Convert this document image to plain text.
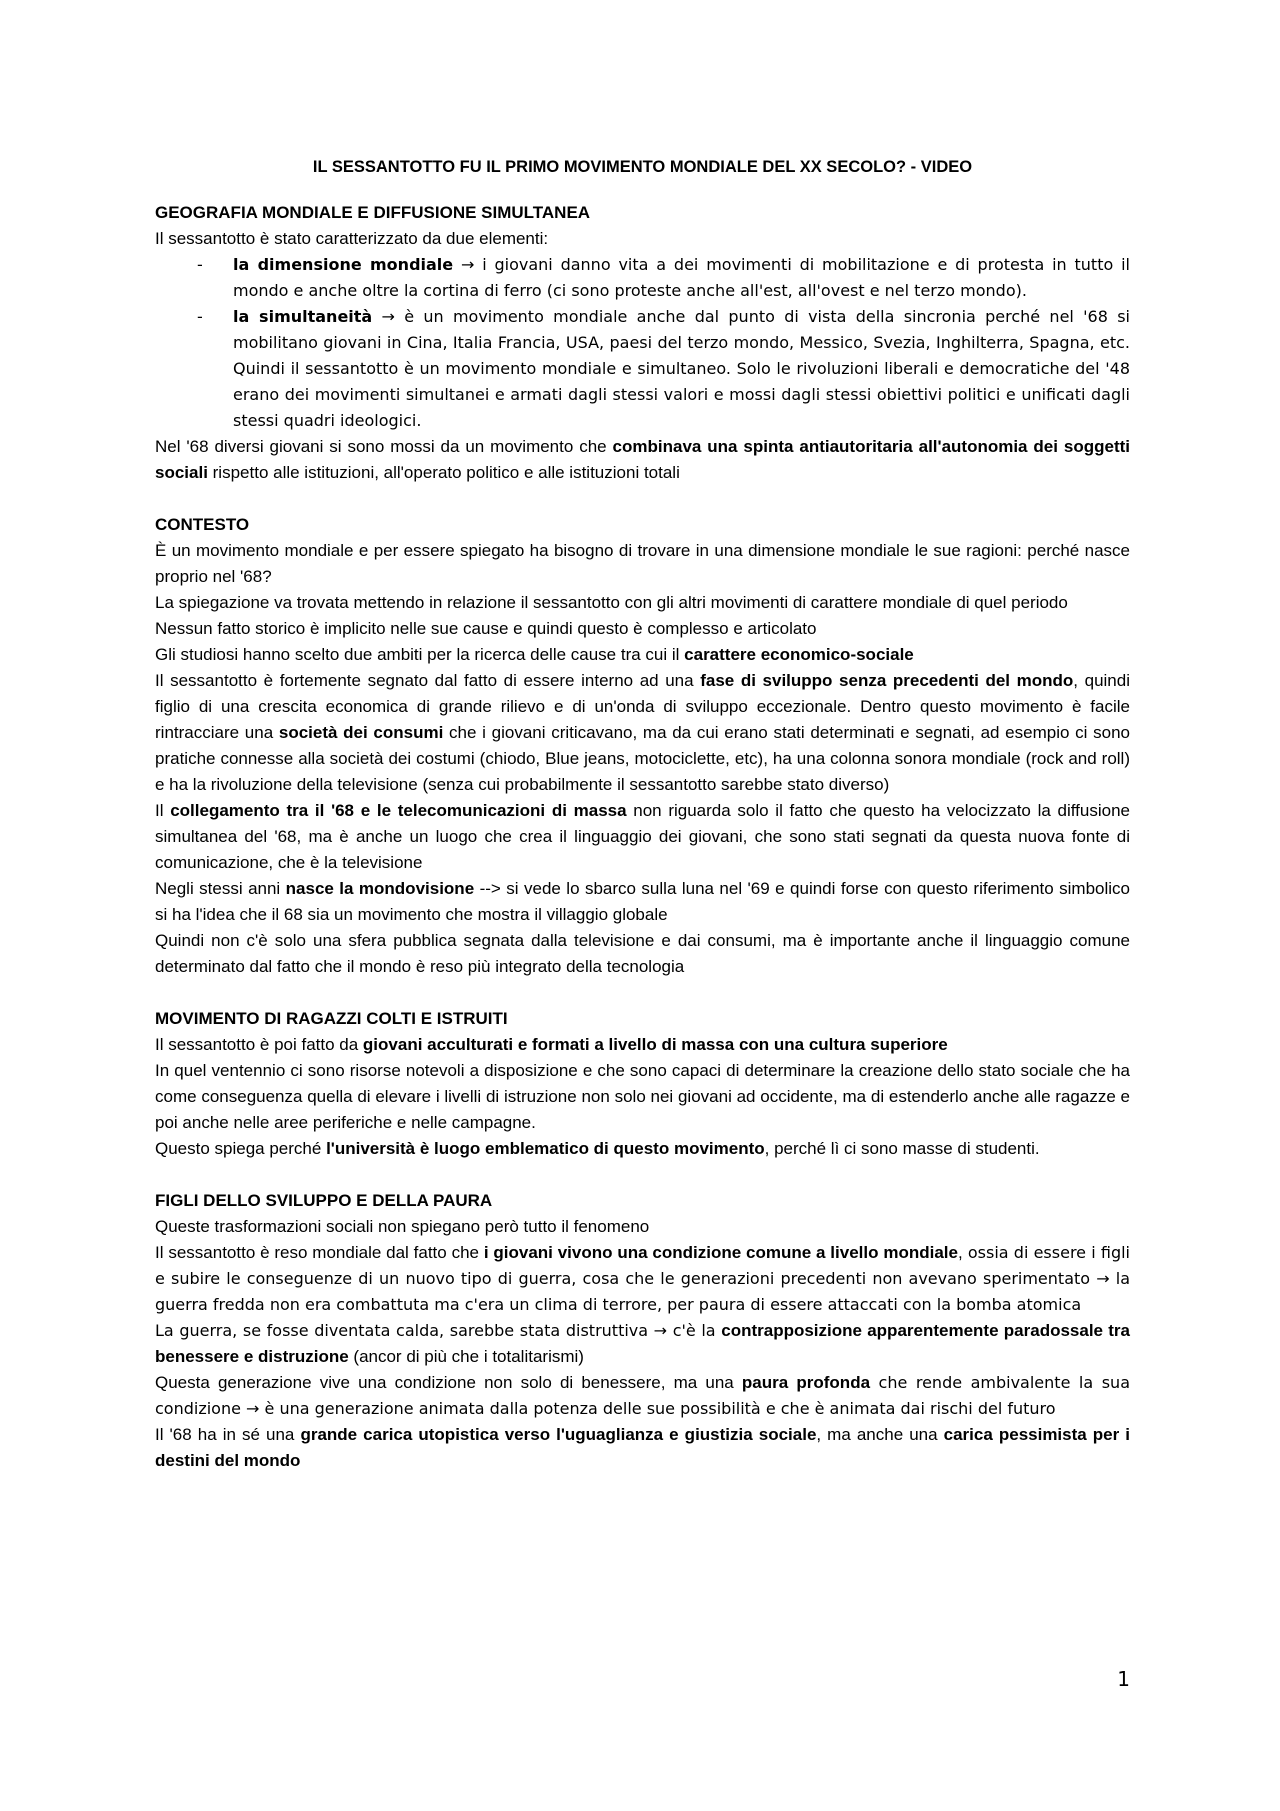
IL SESSANTOTTO FU IL PRIMO MOVIMENTO MONDIALE DEL XX SECOLO? - VIDEO
GEOGRAFIA MONDIALE E DIFFUSIONE SIMULTANEA

Il sessantotto è stato caratterizzato da due elementi:

- la dimensione mondiale → i giovani danno vita a dei movimenti di mobilitazione e di protesta in tutto il mondo e anche oltre la cortina di ferro (ci sono proteste anche all'est, all'ovest e nel terzo mondo).
- la simultaneità → è un movimento mondiale anche dal punto di vista della sincronia perché nel '68 si mobilitano giovani in Cina, Italia Francia, USA, paesi del terzo mondo, Messico, Svezia, Inghilterra, Spagna, etc. Quindi il sessantotto è un movimento mondiale e simultaneo. Solo le rivoluzioni liberali e democratiche del '48 erano dei movimenti simultanei e armati dagli stessi valori e mossi dagli stessi obiettivi politici e unificati dagli stessi quadri ideologici.

Nel '68 diversi giovani si sono mossi da un movimento che combinava una spinta antiautoritaria all'autonomia dei soggetti sociali rispetto alle istituzioni, all'operato politico e alle istituzioni totali

CONTESTO

È un movimento mondiale e per essere spiegato ha bisogno di trovare in una dimensione mondiale le sue ragioni: perché nasce proprio nel '68?

La spiegazione va trovata mettendo in relazione il sessantotto con gli altri movimenti di carattere mondiale di quel periodo

Nessun fatto storico è implicito nelle sue cause e quindi questo è complesso e articolato

Gli studiosi hanno scelto due ambiti per la ricerca delle cause tra cui il carattere economico-sociale

Il sessantotto è fortemente segnato dal fatto di essere interno ad una fase di sviluppo senza precedenti del mondo, quindi figlio di una crescita economica di grande rilievo e di un'onda di sviluppo eccezionale. Dentro questo movimento è facile rintracciare una società dei consumi che i giovani criticavano, ma da cui erano stati determinati e segnati, ad esempio ci sono pratiche connesse alla società dei costumi (chiodo, Blue jeans, motociclette, etc), ha una colonna sonora mondiale (rock and roll) e ha la rivoluzione della televisione (senza cui probabilmente il sessantotto sarebbe stato diverso)

Il collegamento tra il '68 e le telecomunicazioni di massa non riguarda solo il fatto che questo ha velocizzato la diffusione simultanea del '68, ma è anche un luogo che crea il linguaggio dei giovani, che sono stati segnati da questa nuova fonte di comunicazione, che è la televisione

Negli stessi anni nasce la mondovisione --> si vede lo sbarco sulla luna nel '69 e quindi forse con questo riferimento simbolico si ha l'idea che il 68 sia un movimento che mostra il villaggio globale

Quindi non c'è solo una sfera pubblica segnata dalla televisione e dai consumi, ma è importante anche il linguaggio comune determinato dal fatto che il mondo è reso più integrato della tecnologia

MOVIMENTO DI RAGAZZI COLTI E ISTRUITI

Il sessantotto è poi fatto da giovani acculturati e formati a livello di massa con una cultura superiore

In quel ventennio ci sono risorse notevoli a disposizione e che sono capaci di determinare la creazione dello stato sociale che ha come conseguenza quella di elevare i livelli di istruzione non solo nei giovani ad occidente, ma di estenderlo anche alle ragazze e poi anche nelle aree periferiche e nelle campagne.

Questo spiega perché l'università è luogo emblematico di questo movimento, perché lì ci sono masse di studenti.

FIGLI DELLO SVILUPPO E DELLA PAURA

Queste trasformazioni sociali non spiegano però tutto il fenomeno

Il sessantotto è reso mondiale dal fatto che i giovani vivono una condizione comune a livello mondiale, ossia di essere i figli e subire le conseguenze di un nuovo tipo di guerra, cosa che le generazioni precedenti non avevano sperimentato → la guerra fredda non era combattuta ma c'era un clima di terrore, per paura di essere attaccati con la bomba atomica

La guerra, se fosse diventata calda, sarebbe stata distruttiva → c'è la contrapposizione apparentemente paradossale tra benessere e distruzione (ancor di più che i totalitarismi)

Questa generazione vive una condizione non solo di benessere, ma una paura profonda che rende ambivalente la sua condizione → è una generazione animata dalla potenza delle sue possibilità e che è animata dai rischi del futuro

Il '68 ha in sé una grande carica utopistica verso l'uguaglianza e giustizia sociale, ma anche una carica pessimista per i destini del mondo

1
